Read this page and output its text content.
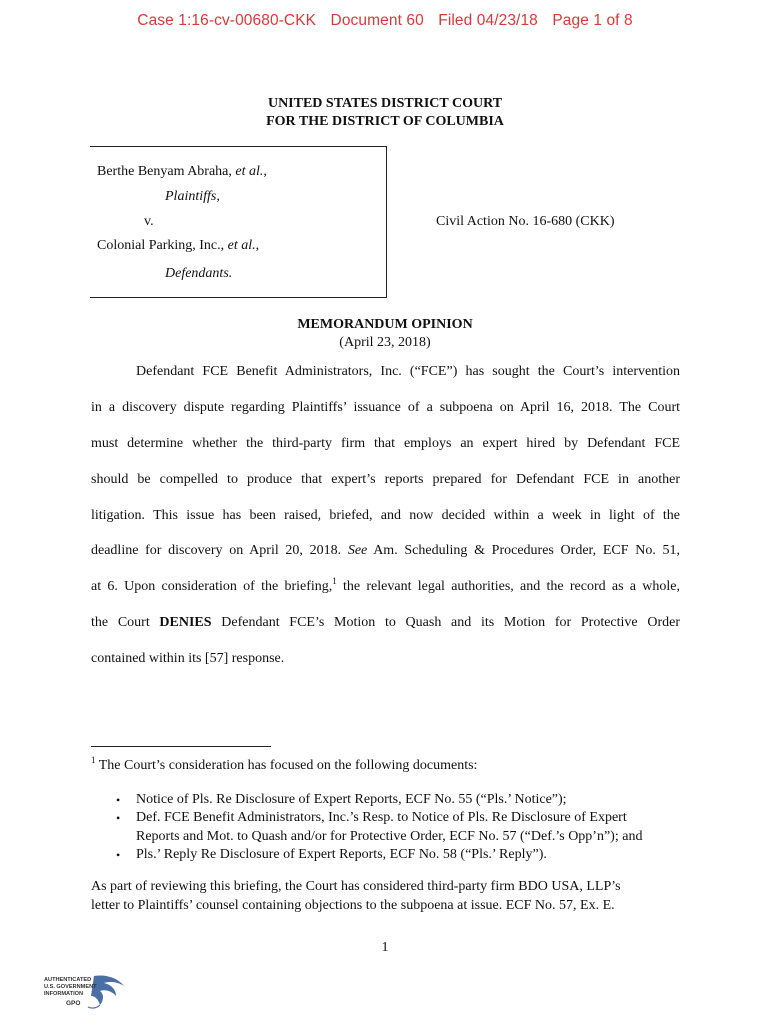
Case 1:16-cv-00680-CKK Document 60 Filed 04/23/18 Page 1 of 8
UNITED STATES DISTRICT COURT
FOR THE DISTRICT OF COLUMBIA
Berthe Benyam Abraha, et al.,
Plaintiffs,
v.
Colonial Parking, Inc., et al.,
Defendants.
Civil Action No. 16-680 (CKK)
MEMORANDUM OPINION
(April 23, 2018)
Defendant FCE Benefit Administrators, Inc. (“FCE”) has sought the Court’s intervention
in a discovery dispute regarding Plaintiffs’ issuance of a subpoena on April 16, 2018. The Court
must determine whether the third-party firm that employs an expert hired by Defendant FCE
should be compelled to produce that expert’s reports prepared for Defendant FCE in another
litigation. This issue has been raised, briefed, and now decided within a week in light of the
deadline for discovery on April 20, 2018. See Am. Scheduling & Procedures Order, ECF No. 51,
at 6. Upon consideration of the briefing,$^1$ the relevant legal authorities, and the record as a whole,
the Court DENIES Defendant FCE’s Motion to Quash and its Motion for Protective Order
contained within its [57] response.
$^1$ The Court’s consideration has focused on the following documents:
• Notice of Pls. Re Disclosure of Expert Reports, ECF No. 55 (“Pls.’ Notice”);
• Def. FCE Benefit Administrators, Inc.’s Resp. to Notice of Pls. Re Disclosure of Expert
Reports and Mot. to Quash and/or for Protective Order, ECF No. 57 (“Def.’s Opp’n”); and
• Pls.’ Reply Re Disclosure of Expert Reports, ECF No. 58 (“Pls.’ Reply”).
As part of reviewing this briefing, the Court has considered third-party firm BDO USA, LLP’s
letter to Plaintiffs’ counsel containing objections to the subpoena at issue. ECF No. 57, Ex. E.
1
AUTHENTICATED
U.S. GOVERNMENT
INFORMATION
GPO
